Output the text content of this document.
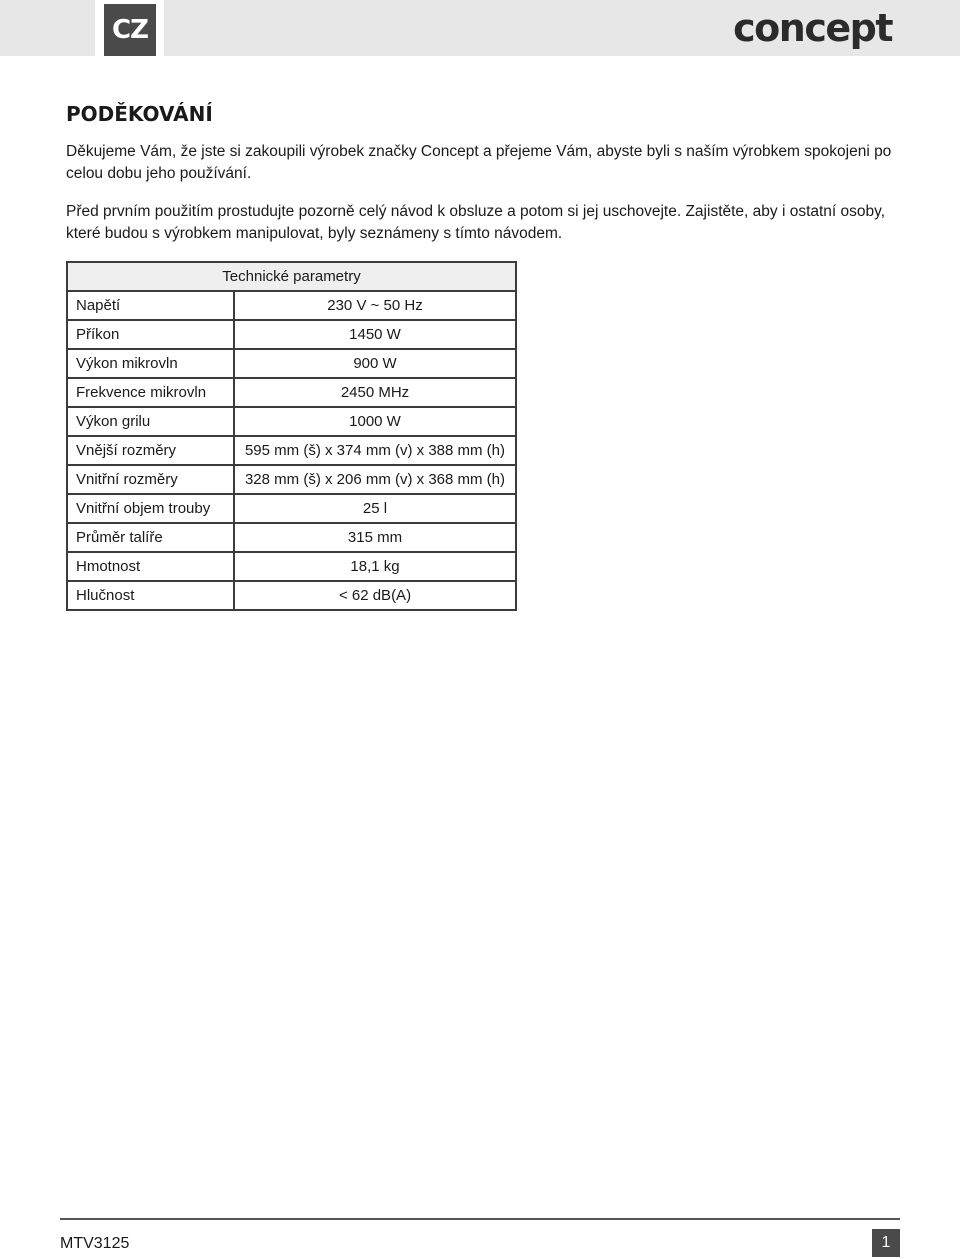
CZ	concept
PODĚKOVÁNÍ

Děkujeme Vám, že jste si zakoupili výrobek značky Concept a přejeme Vám, abyste byli s naším výrobkem spokojeni po celou dobu jeho používání.

Před prvním použitím prostudujte pozorně celý návod k obsluze a potom si jej uschovejte. Zajistěte, aby i ostatní osoby, které budou s výrobkem manipulovat, byly seznámeny s tímto návodem.

Technické parametry	
Napětí	230 V ~ 50 Hz
Příkon	1450 W
Výkon mikrovln	900 W
Frekvence mikrovln	2450 MHz
Výkon grilu	1000 W
Vnější rozměry	595 mm (š) x 374 mm (v) x 388 mm (h)
Vnitřní rozměry	328 mm (š) x 206 mm (v) x 368 mm (h)
Vnitřní objem trouby	25 l
Průměr talíře	315 mm
Hmotnost	18,1 kg
Hlučnost	< 62 dB(A)
MTV3125	1
